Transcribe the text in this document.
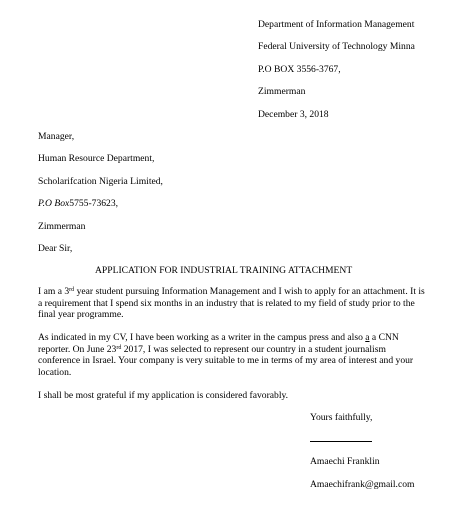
Department of Information Management
Federal University of Technology Minna
P.O BOX 3556-3767,
Zimmerman
December 3, 2018
Manager,
Human Resource Department,
Scholarifcation Nigeria Limited,
P.O Box5755-73623,
Zimmerman
Dear Sir,
APPLICATION FOR INDUSTRIAL TRAINING ATTACHMENT
I am a 3rd year student pursuing Information Management and I wish to apply for an attachment. It is a requirement that I spend six months in an industry that is related to my field of study prior to the final year programme.
As indicated in my CV, I have been working as a writer in the campus press and also a a CNN reporter. On June 23rd 2017, I was selected to represent our country in a student journalism conference in Israel. Your company is very suitable to me in terms of my area of interest and your location.
I shall be most grateful if my application is considered favorably.
Yours faithfully,
Amaechi Franklin
Amaechifrank@gmail.com
